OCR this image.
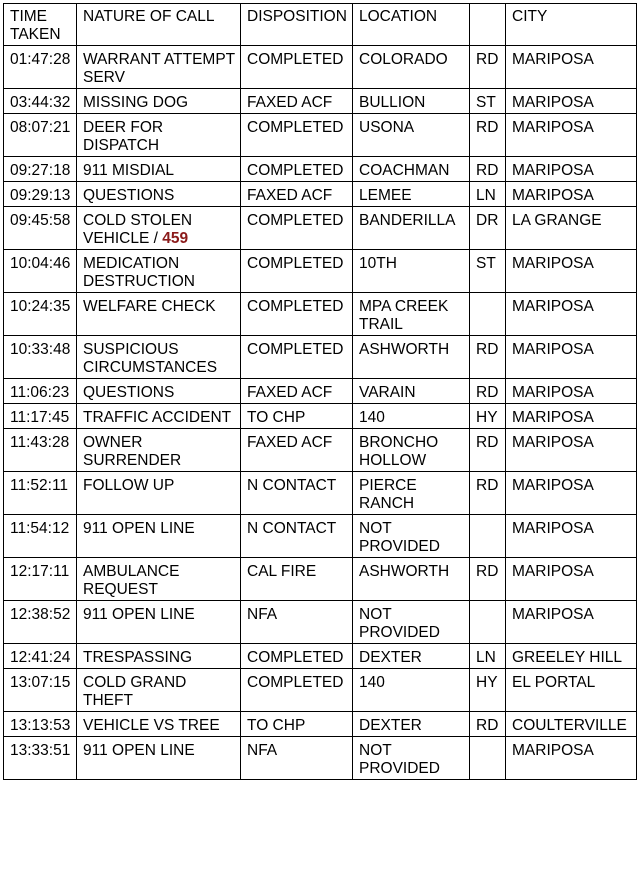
TIME TAKEN	NATURE OF CALL	DISPOSITION	LOCATION		CITY
01:47:28	WARRANT ATTEMPT SERV	COMPLETED	COLORADO	RD	MARIPOSA
03:44:32	MISSING DOG	FAXED ACF	BULLION	ST	MARIPOSA
08:07:21	DEER FOR DISPATCH	COMPLETED	USONA	RD	MARIPOSA
09:27:18	911 MISDIAL	COMPLETED	COACHMAN	RD	MARIPOSA
09:29:13	QUESTIONS	FAXED ACF	LEMEE	LN	MARIPOSA
09:45:58	COLD STOLEN VEHICLE / 459	COMPLETED	BANDERILLA	DR	LA GRANGE
10:04:46	MEDICATION DESTRUCTION	COMPLETED	10TH	ST	MARIPOSA
10:24:35	WELFARE CHECK	COMPLETED	MPA CREEK TRAIL		MARIPOSA
10:33:48	SUSPICIOUS CIRCUMSTANCES	COMPLETED	ASHWORTH	RD	MARIPOSA
11:06:23	QUESTIONS	FAXED ACF	VARAIN	RD	MARIPOSA
11:17:45	TRAFFIC ACCIDENT	TO CHP	140	HY	MARIPOSA
11:43:28	OWNER SURRENDER	FAXED ACF	BRONCHO HOLLOW	RD	MARIPOSA
11:52:11	FOLLOW UP	N CONTACT	PIERCE RANCH	RD	MARIPOSA
11:54:12	911 OPEN LINE	N CONTACT	NOT PROVIDED		MARIPOSA
12:17:11	AMBULANCE REQUEST	CAL FIRE	ASHWORTH	RD	MARIPOSA
12:38:52	911 OPEN LINE	NFA	NOT PROVIDED		MARIPOSA
12:41:24	TRESPASSING	COMPLETED	DEXTER	LN	GREELEY HILL
13:07:15	COLD GRAND THEFT	COMPLETED	140	HY	EL PORTAL
13:13:53	VEHICLE VS TREE	TO CHP	DEXTER	RD	COULTERVILLE
13:33:51	911 OPEN LINE	NFA	NOT PROVIDED		MARIPOSA
